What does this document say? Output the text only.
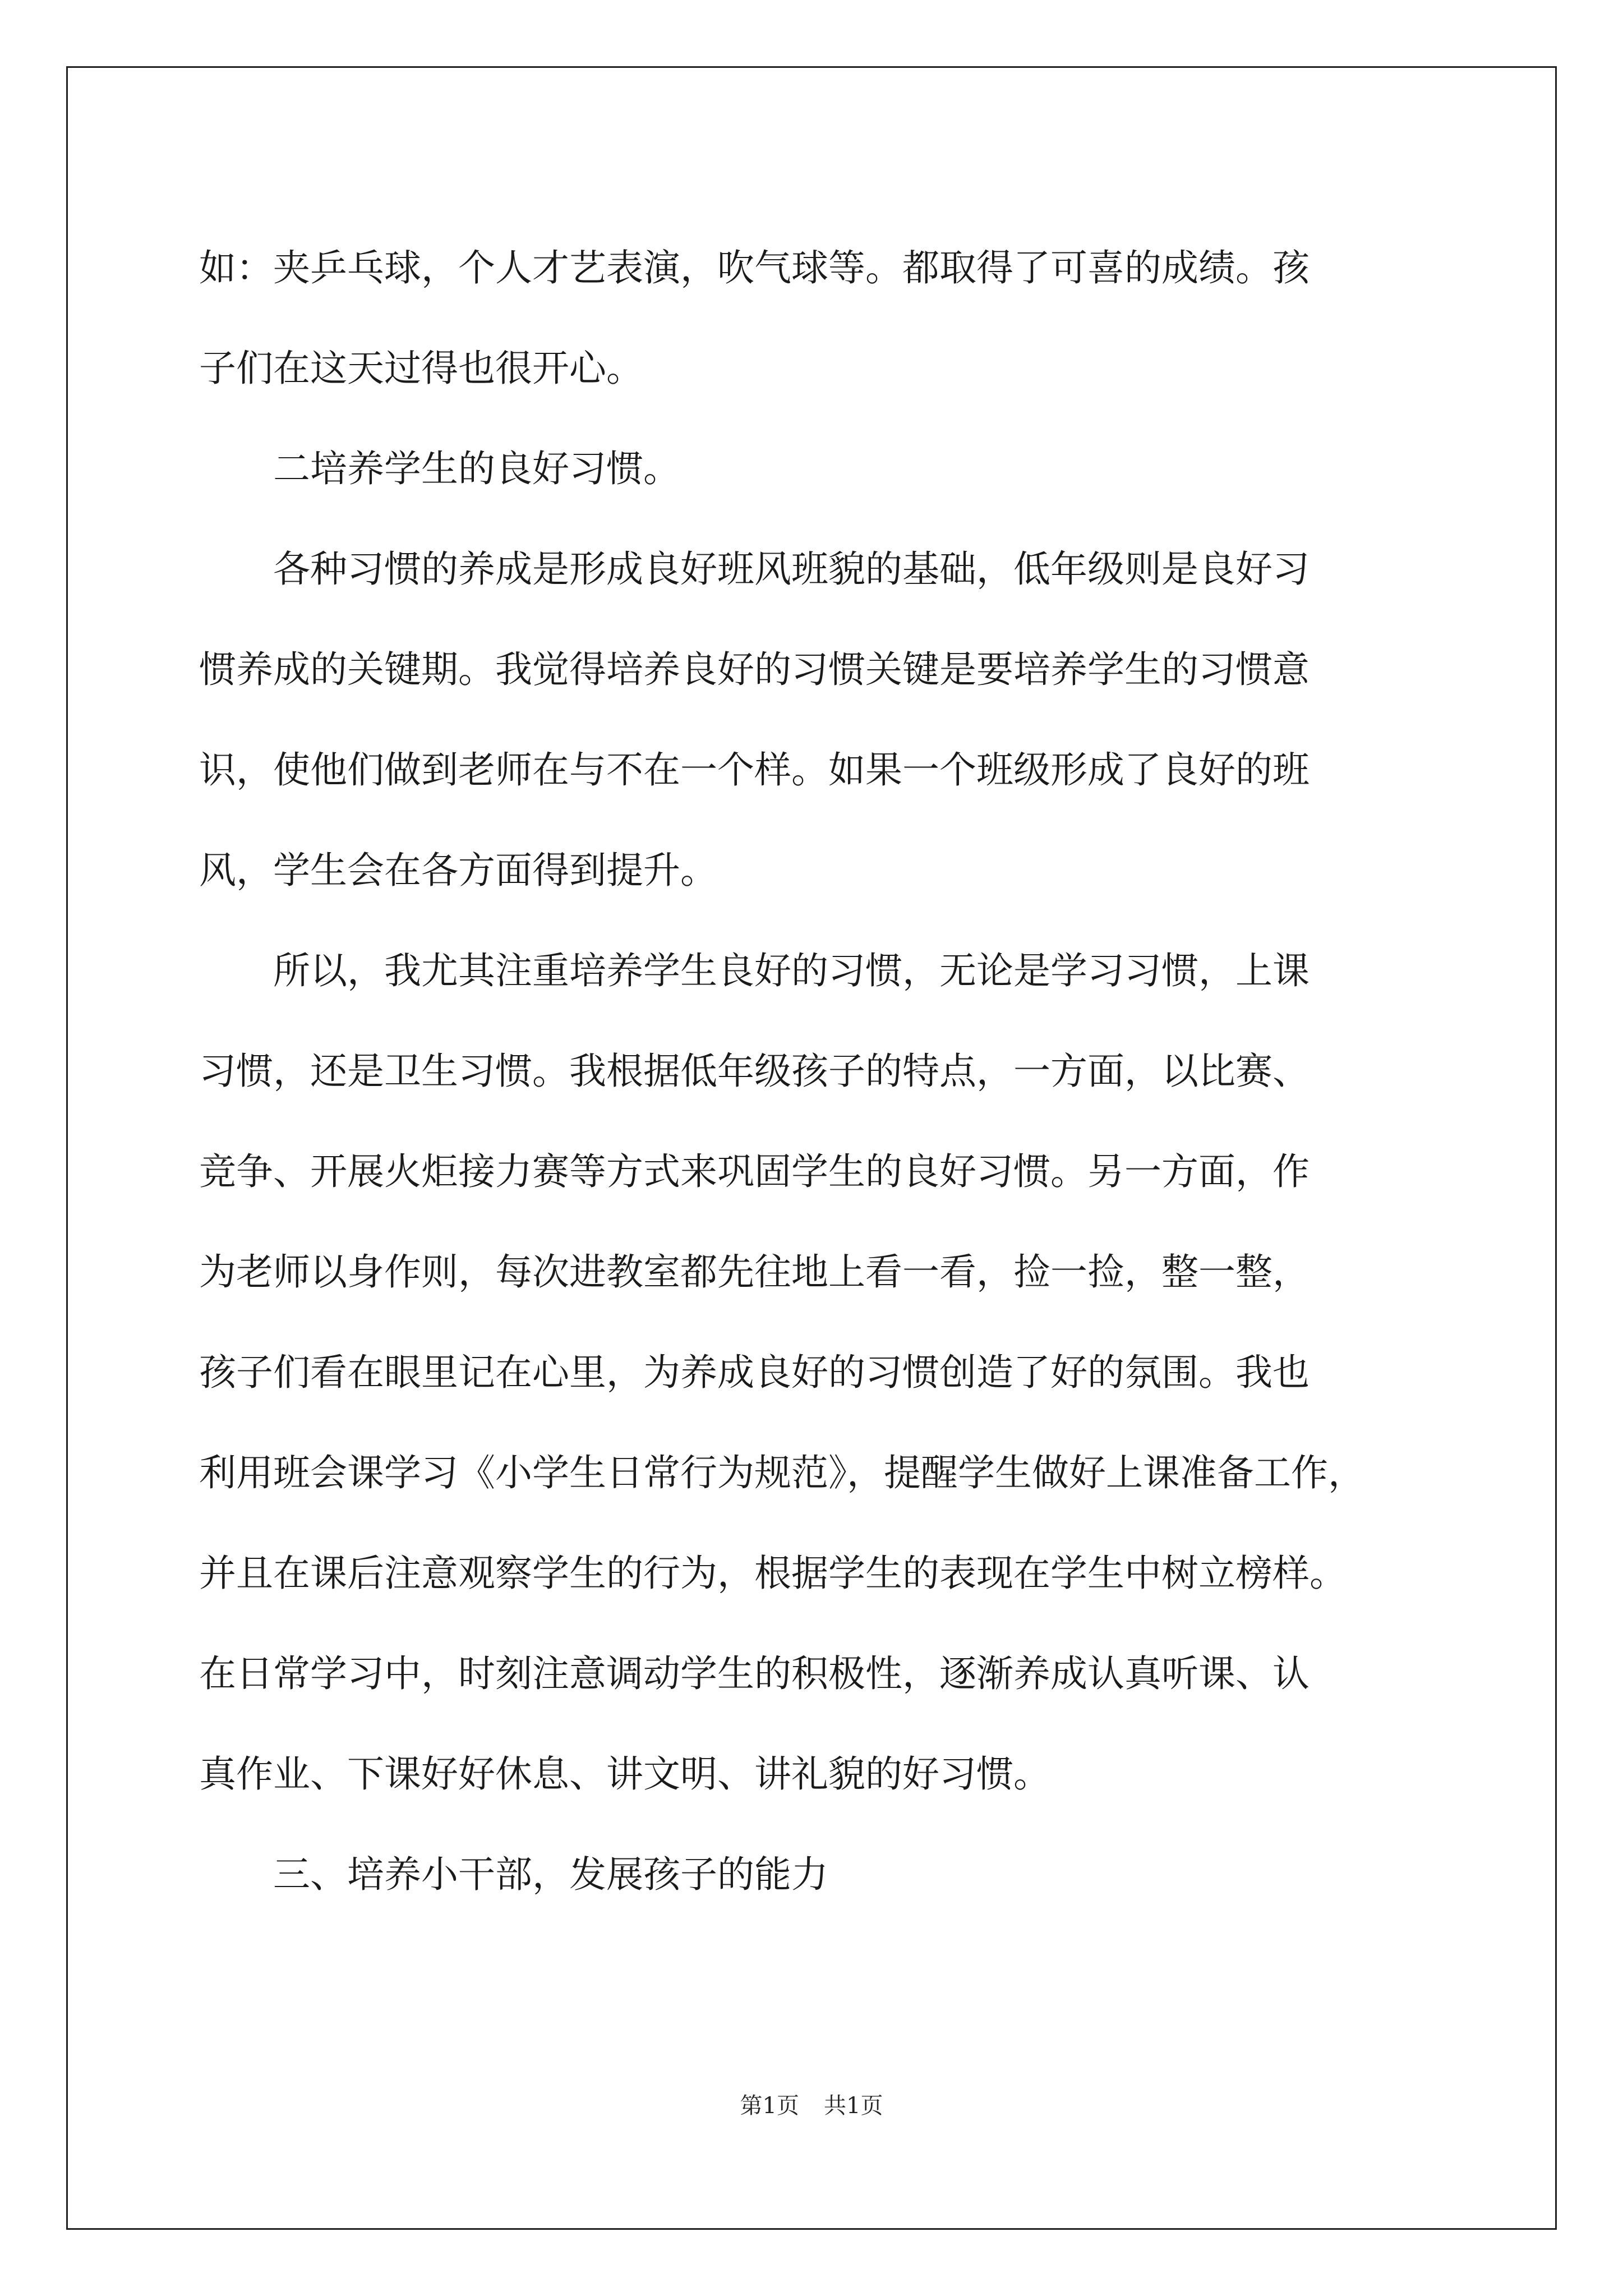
如：夹乒乓球，个人才艺表演，吹气球等。都取得了可喜的成绩。孩
子们在这天过得也很开心。
二培养学生的良好习惯。
各种习惯的养成是形成良好班风班貌的基础，低年级则是良好习
惯养成的关键期。我觉得培养良好的习惯关键是要培养学生的习惯意
识，使他们做到老师在与不在一个样。如果一个班级形成了良好的班
风，学生会在各方面得到提升。
所以，我尤其注重培养学生良好的习惯，无论是学习习惯，上课
习惯，还是卫生习惯。我根据低年级孩子的特点，一方面，以比赛、
竞争、开展火炬接力赛等方式来巩固学生的良好习惯。另一方面，作
为老师以身作则，每次进教室都先往地上看一看，捡一捡，整一整，
孩子们看在眼里记在心里，为养成良好的习惯创造了好的氛围。我也
利用班会课学习《小学生日常行为规范》，提醒学生做好上课准备工作，
并且在课后注意观察学生的行为，根据学生的表现在学生中树立榜样。
在日常学习中，时刻注意调动学生的积极性，逐渐养成认真听课、认
真作业、下课好好休息、讲文明、讲礼貌的好习惯。
三、培养小干部，发展孩子的能力
第1页 共1页
